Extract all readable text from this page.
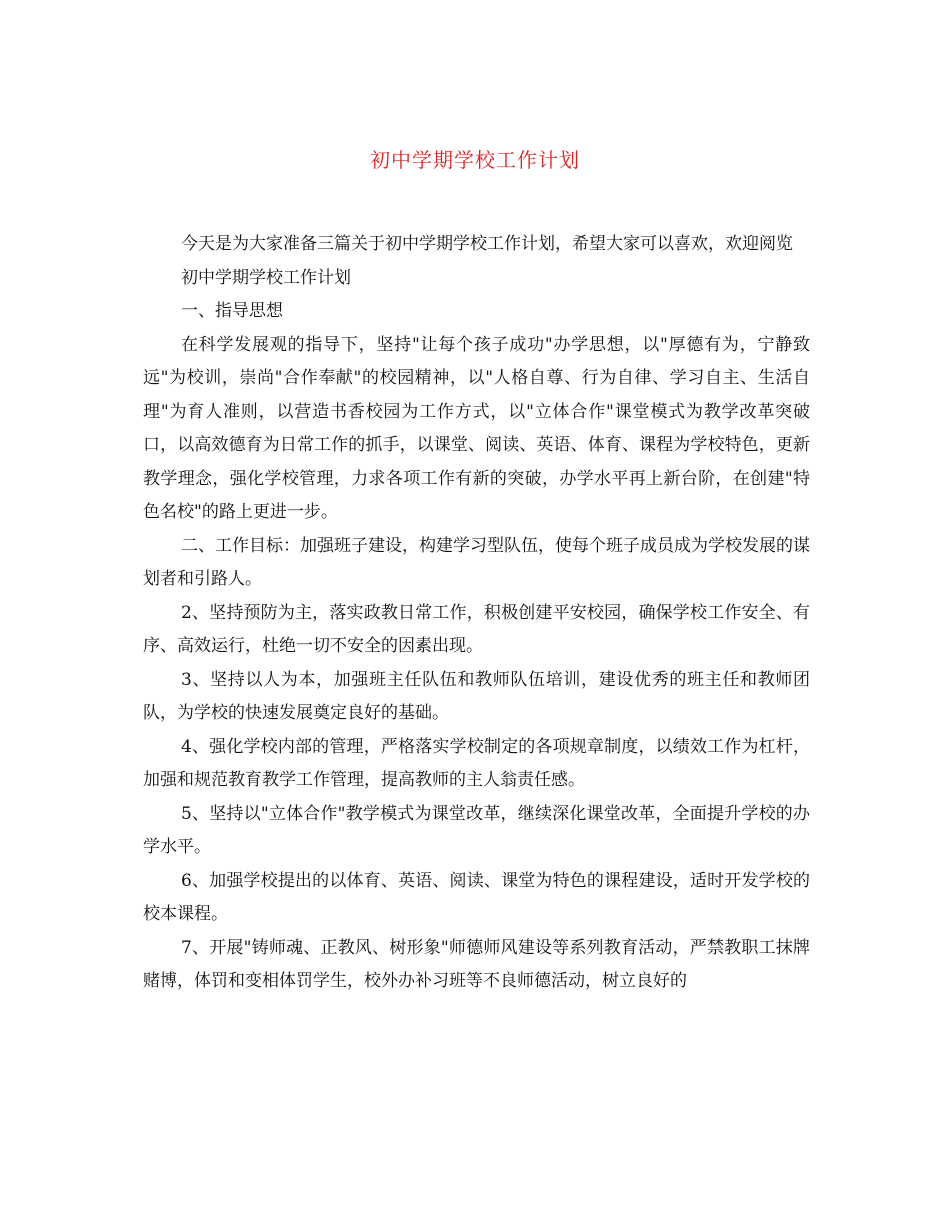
初中学期学校工作计划

今天是为大家准备三篇关于初中学期学校工作计划，希望大家可以喜欢，欢迎阅览

初中学期学校工作计划

一、指导思想

在科学发展观的指导下，坚持"让每个孩子成功"办学思想，以"厚德有为，宁静致远"为校训，崇尚"合作奉献"的校园精神，以"人格自尊、行为自律、学习自主、生活自理"为育人准则，以营造书香校园为工作方式，以"立体合作"课堂模式为教学改革突破口，以高效德育为日常工作的抓手，以课堂、阅读、英语、体育、课程为学校特色，更新教学理念，强化学校管理，力求各项工作有新的突破，办学水平再上新台阶，在创建"特色名校"的路上更进一步。

二、工作目标：加强班子建设，构建学习型队伍，使每个班子成员成为学校发展的谋划者和引路人。

2、坚持预防为主，落实政教日常工作，积极创建平安校园，确保学校工作安全、有序、高效运行，杜绝一切不安全的因素出现。

3、坚持以人为本，加强班主任队伍和教师队伍培训，建设优秀的班主任和教师团队，为学校的快速发展奠定良好的基础。

4、强化学校内部的管理，严格落实学校制定的各项规章制度，以绩效工作为杠杆，加强和规范教育教学工作管理，提高教师的主人翁责任感。

5、坚持以"立体合作"教学模式为课堂改革，继续深化课堂改革，全面提升学校的办学水平。

6、加强学校提出的以体育、英语、阅读、课堂为特色的课程建设，适时开发学校的校本课程。

7、开展"铸师魂、正教风、树形象"师德师风建设等系列教育活动，严禁教职工抹牌赌博，体罚和变相体罚学生，校外办补习班等不良师德活动，树立良好的
